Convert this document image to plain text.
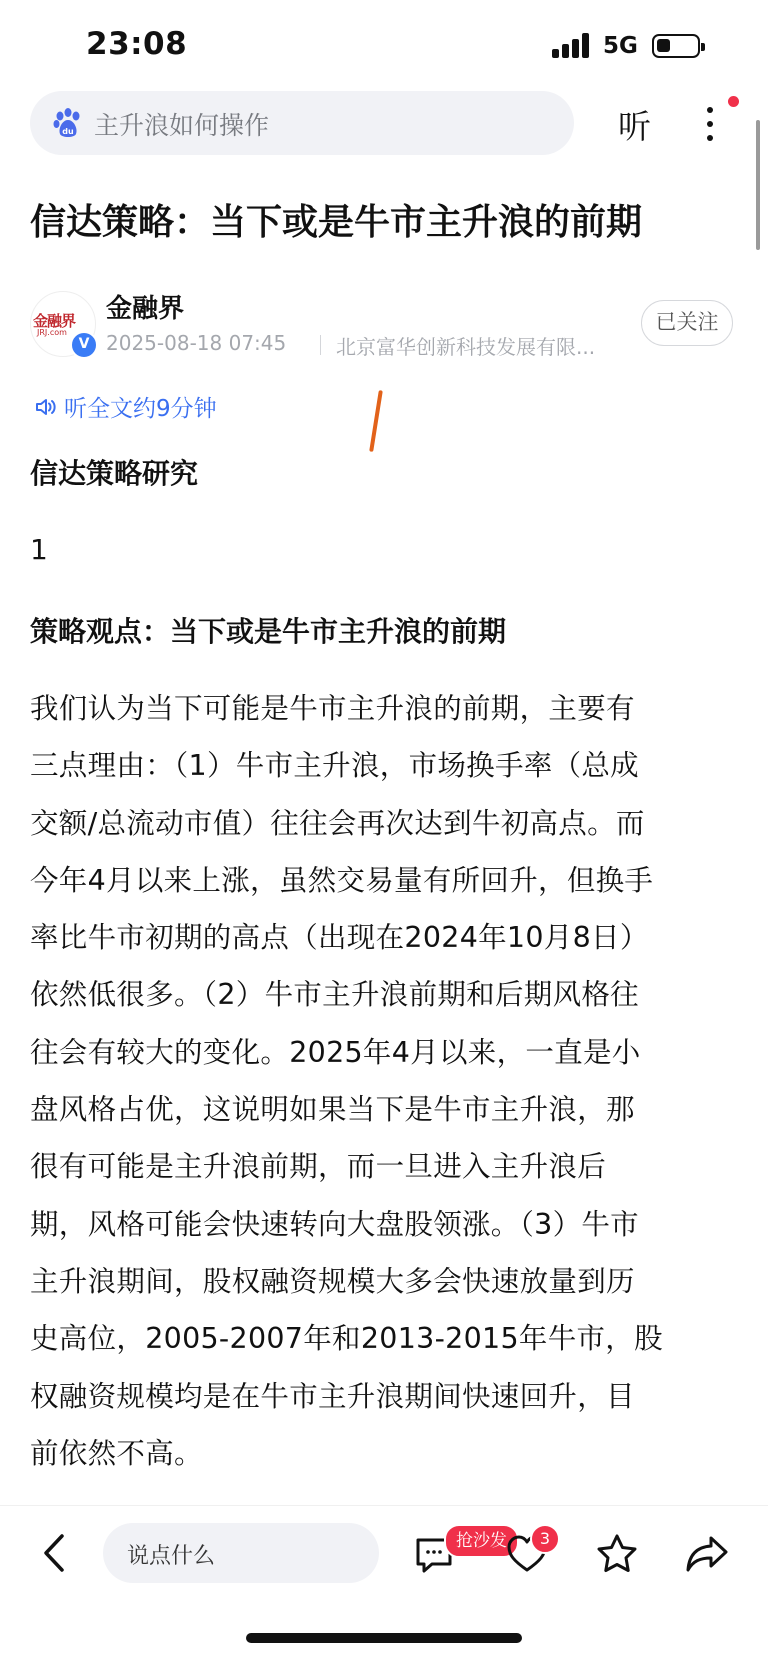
23:08	5G
du 主升浪如何操作	听
信达策略：当下或是牛市主升浪的前期
金融界
JRJ.com
V
金融界
2025-08-18 07:45 北京富华创新科技发展有限...
已关注
听全文约9分钟
信达策略研究
1
策略观点：当下或是牛市主升浪的前期
我们认为当下可能是牛市主升浪的前期，主要有
三点理由：（1）牛市主升浪，市场换手率（总成
交额/总流动市值）往往会再次达到牛初高点。而
今年4月以来上涨，虽然交易量有所回升，但换手
率比牛市初期的高点（出现在2024年10月8日）
依然低很多。（2）牛市主升浪前期和后期风格往
往会有较大的变化。2025年4月以来，一直是小
盘风格占优，这说明如果当下是牛市主升浪，那
很有可能是主升浪前期，而一旦进入主升浪后
期，风格可能会快速转向大盘股领涨。（3）牛市
主升浪期间，股权融资规模大多会快速放量到历
史高位，2005-2007年和2013-2015年牛市，股
权融资规模均是在牛市主升浪期间快速回升，目
前依然不高。
说点什么
抢沙发	3
